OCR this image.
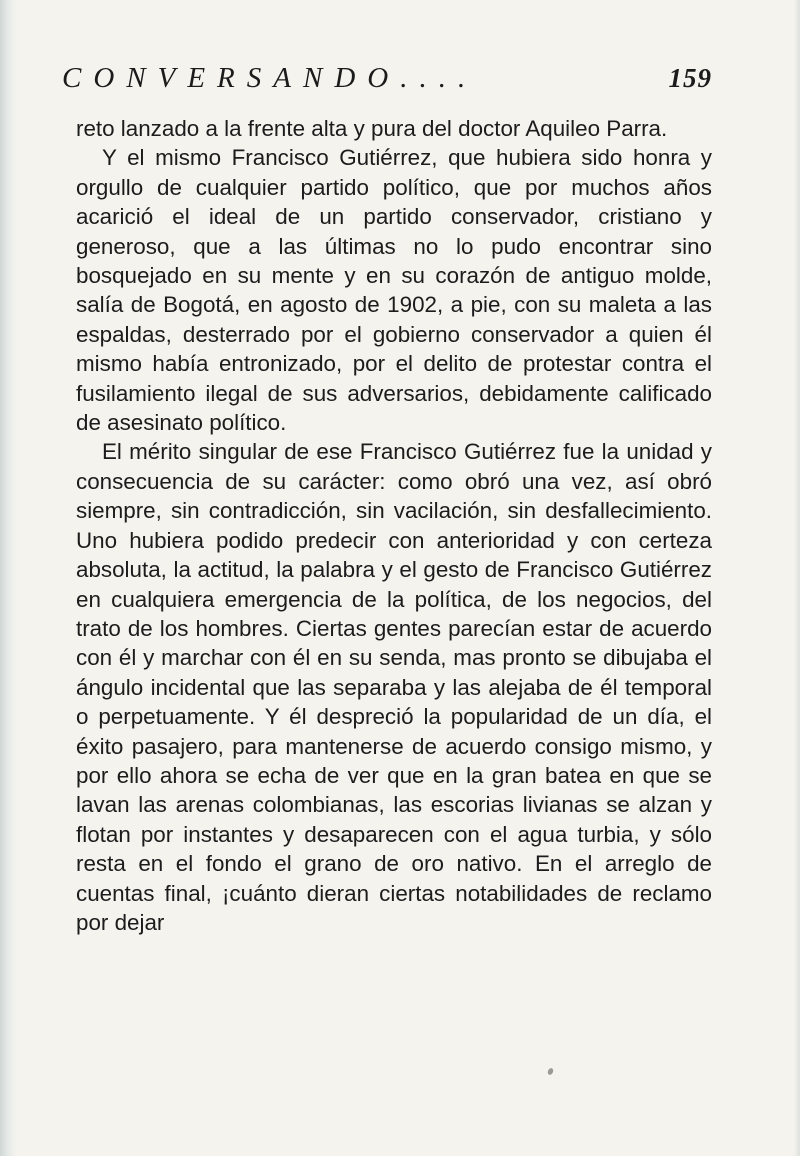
CONVERSANDO....	159

reto lanzado a la frente alta y pura del doctor Aquileo Parra.

Y el mismo Francisco Gutiérrez, que hubiera sido honra y orgullo de cualquier partido político, que por muchos años acarició el ideal de un partido conservador, cristiano y generoso, que a las últimas no lo pudo encontrar sino bosquejado en su mente y en su corazón de antiguo molde, salía de Bogotá, en agosto de 1902, a pie, con su maleta a las espaldas, desterrado por el gobierno conservador a quien él mismo había entronizado, por el delito de protestar contra el fusilamiento ilegal de sus adversarios, debidamente calificado de asesinato político.

El mérito singular de ese Francisco Gutiérrez fue la unidad y consecuencia de su carácter: como obró una vez, así obró siempre, sin contradicción, sin vacilación, sin desfallecimiento. Uno hubiera podido predecir con anterioridad y con certeza absoluta, la actitud, la palabra y el gesto de Francisco Gutiérrez en cualquiera emergencia de la política, de los negocios, del trato de los hombres. Ciertas gentes parecían estar de acuerdo con él y marchar con él en su senda, mas pronto se dibujaba el ángulo incidental que las separaba y las alejaba de él temporal o perpetuamente. Y él despreció la popularidad de un día, el éxito pasajero, para mantenerse de acuerdo consigo mismo, y por ello ahora se echa de ver que en la gran batea en que se lavan las arenas colombianas, las escorias livianas se alzan y flotan por instantes y desaparecen con el agua turbia, y sólo resta en el fondo el grano de oro nativo. En el arreglo de cuentas final, ¡cuánto dieran ciertas notabilidades de reclamo por dejar
